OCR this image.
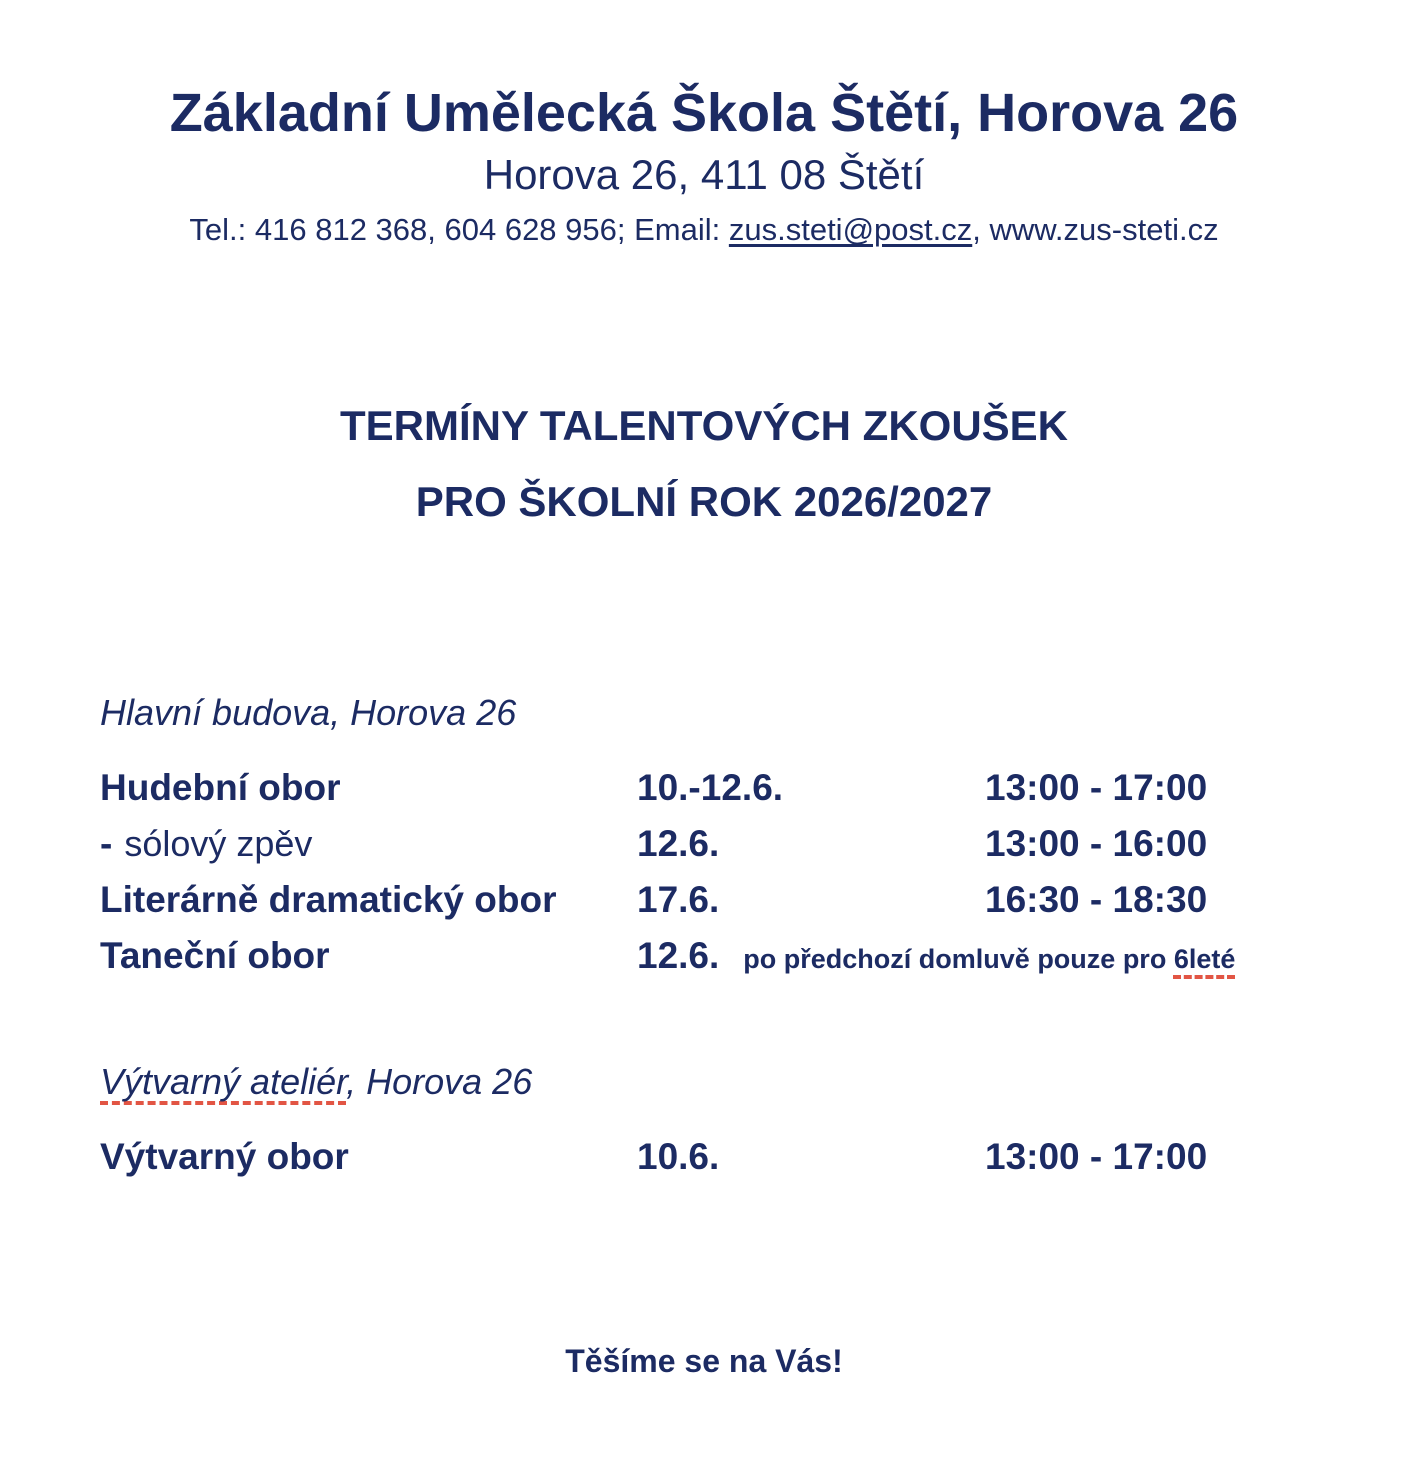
Základní Umělecká Škola Štětí, Horova 26
Horova 26, 411 08 Štětí
Tel.: 416 812 368, 604 628 956; Email: zus.steti@post.cz, www.zus-steti.cz
TERMÍNY TALENTOVÝCH ZKOUŠEK
PRO ŠKOLNÍ ROK 2026/2027
Hlavní budova, Horova 26
Hudební obor	10.-12.6.	13:00 - 17:00
- sólový zpěv	12.6.	13:00 - 16:00
Literárně dramatický obor	17.6.	16:30 - 18:30
Taneční obor	12.6. po předchozí domluvě pouze pro 6leté
Výtvarný ateliér, Horova 26
Výtvarný obor	10.6.	13:00 - 17:00
Těšíme se na Vás!
